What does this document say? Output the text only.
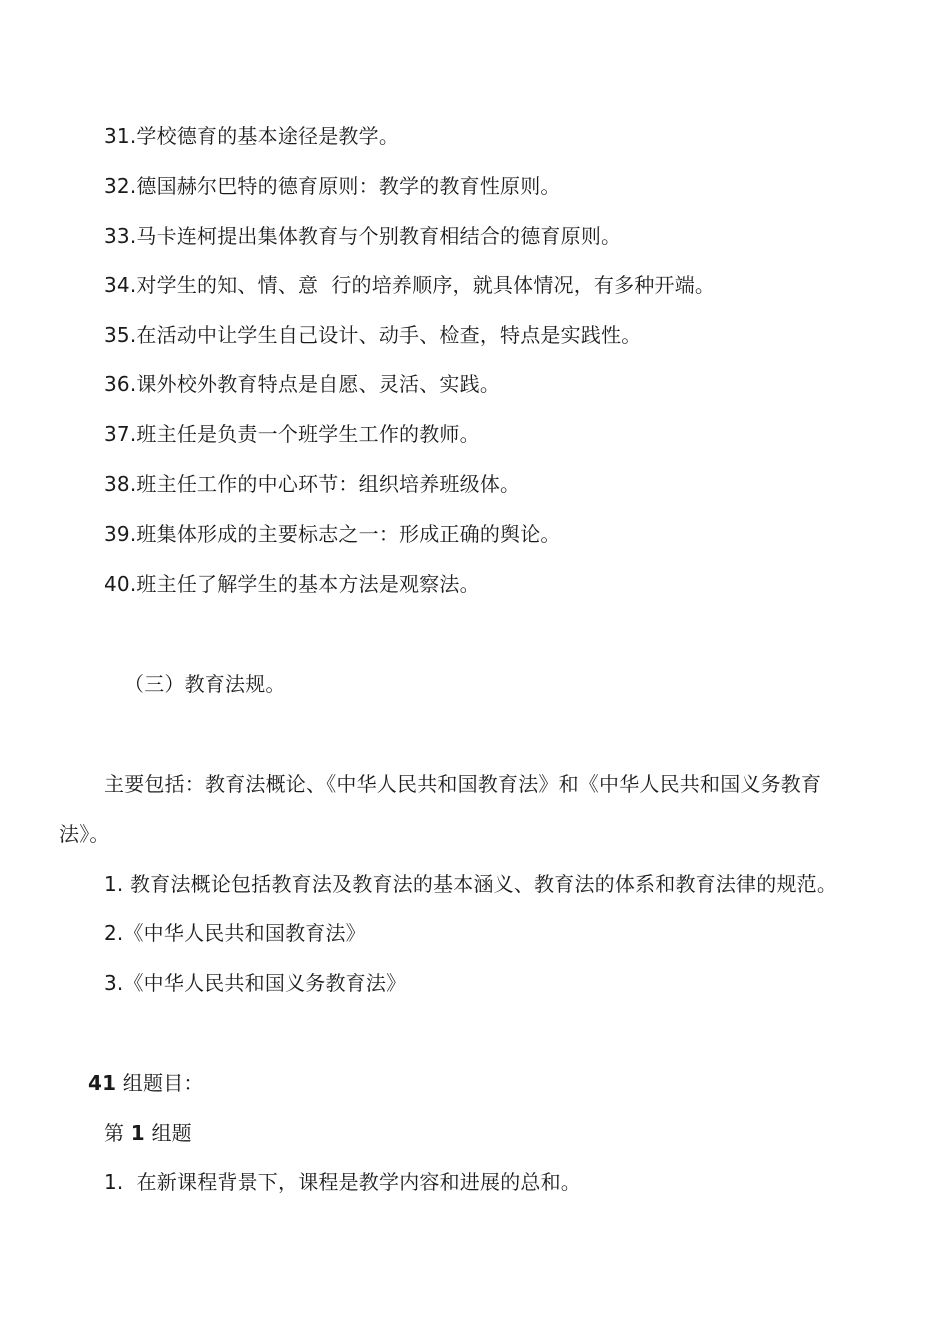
31.学校德育的基本途径是教学。
32.德国赫尔巴特的德育原则：教学的教育性原则。
33.马卡连柯提出集体教育与个别教育相结合的德育原则。
34.对学生的知、情、意  行的培养顺序，就具体情况，有多种开端。
35.在活动中让学生自己设计、动手、检查，特点是实践性。
36.课外校外教育特点是自愿、灵活、实践。
37.班主任是负责一个班学生工作的教师。
38.班主任工作的中心环节：组织培养班级体。
39.班集体形成的主要标志之一：形成正确的舆论。
40.班主任了解学生的基本方法是观察法。
（三）教育法规。
主要包括：教育法概论、《中华人民共和国教育法》和《中华人民共和国义务教育
法》。
1. 教育法概论包括教育法及教育法的基本涵义、教育法的体系和教育法律的规范。
2.《中华人民共和国教育法》
3.《中华人民共和国义务教育法》
41 组题目：
第 1 组题
1. 在新课程背景下，课程是教学内容和进展的总和。
